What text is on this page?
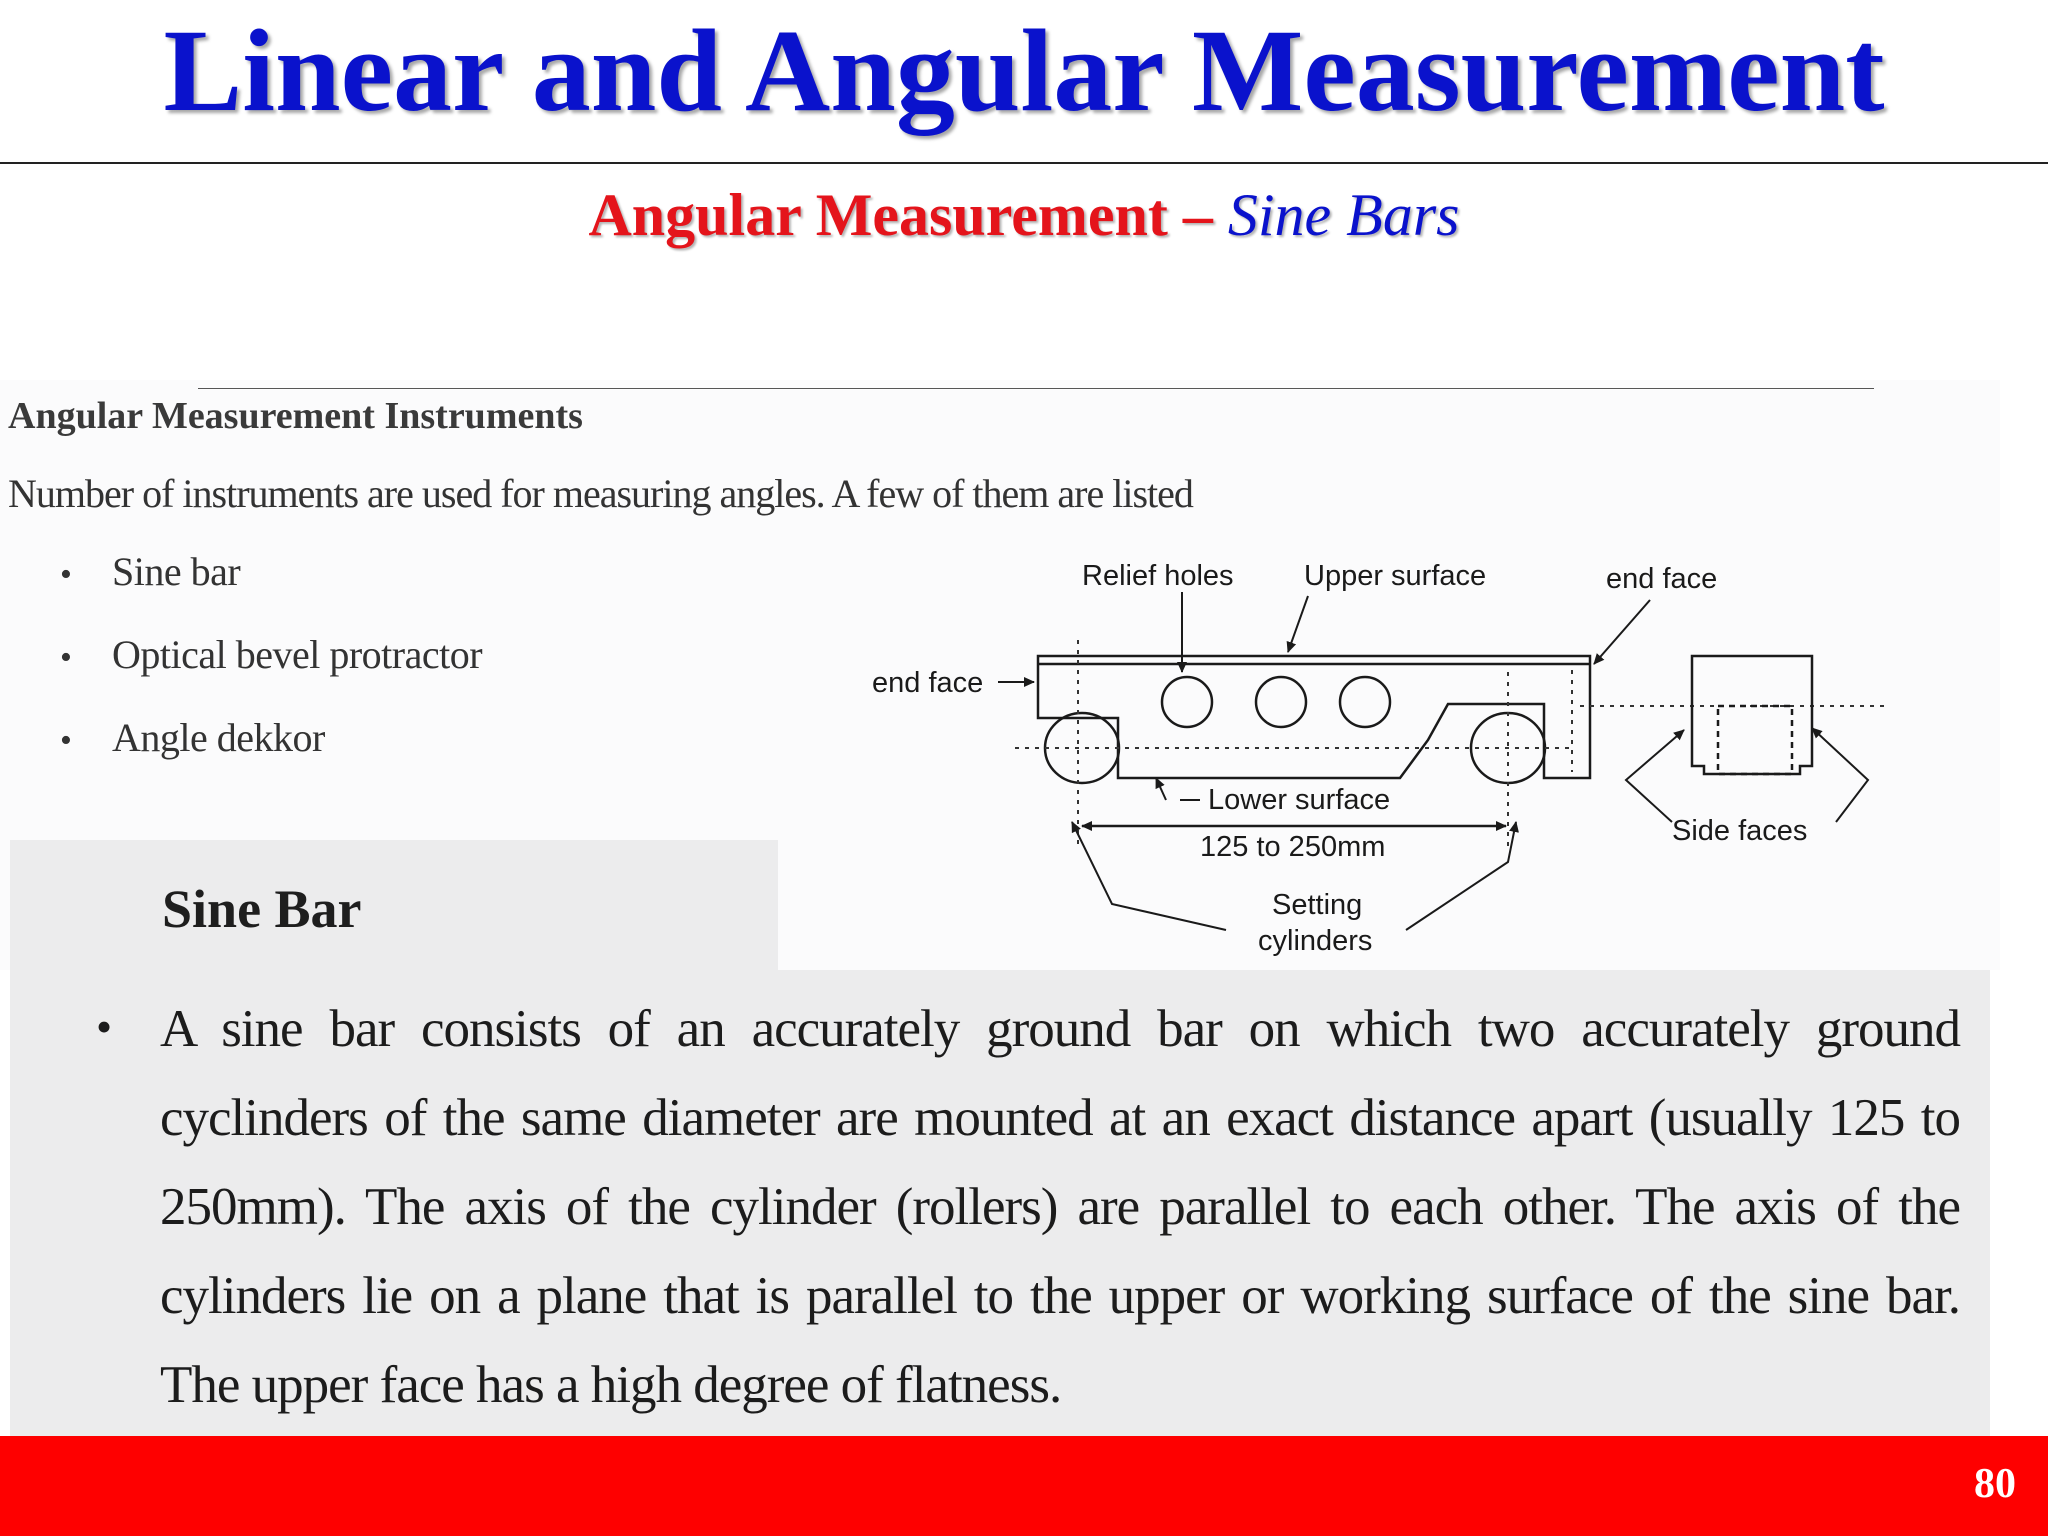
Linear and Angular Measurement
Angular Measurement – Sine Bars
Angular Measurement Instruments
Number of instruments are used for measuring angles. A few of them are listed
• Sine bar
• Optical bevel protractor
• Angle dekkor
Relief holes Upper surface	end face
end face
Lower surface
125 to 250mm
Setting
cylinders
Side faces
Sine Bar
• A sine bar consists of an accurately ground bar on which two accurately ground cyclinders of the same diameter are mounted at an exact distance apart (usually 125 to 250mm). The axis of the cylinder (rollers) are parallel to each other. The axis of the cylinders lie on a plane that is parallel to the upper or working surface of the sine bar. The upper face has a high degree of flatness.
80
